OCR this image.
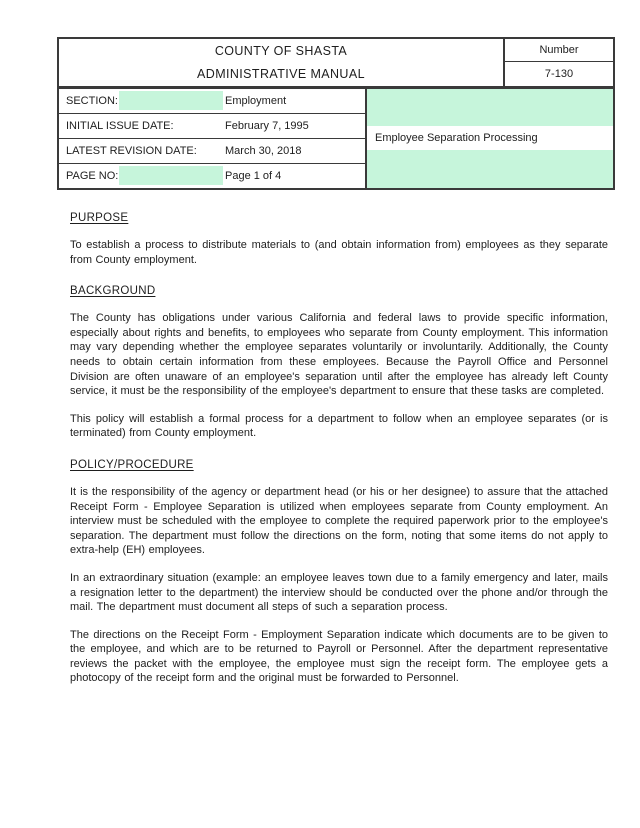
COUNTY OF SHASTA
ADMINISTRATIVE MANUAL
Number
7-130
SECTION:	Employment
INITIAL ISSUE DATE:	February 7, 1995
LATEST REVISION DATE:	March 30, 2018
PAGE NO:	Page 1 of 4
Employee Separation Processing
PURPOSE

To establish a process to distribute materials to (and obtain information from) employees as they separate from County employment.

BACKGROUND

The County has obligations under various California and federal laws to provide specific information, especially about rights and benefits, to employees who separate from County employment. This information may vary depending whether the employee separates voluntarily or involuntarily. Additionally, the County needs to obtain certain information from these employees. Because the Payroll Office and Personnel Division are often unaware of an employee's separation until after the employee has already left County service, it must be the responsibility of the employee's department to ensure that these tasks are completed.

This policy will establish a formal process for a department to follow when an employee separates (or is terminated) from County employment.

POLICY/PROCEDURE

It is the responsibility of the agency or department head (or his or her designee) to assure that the attached Receipt Form - Employee Separation is utilized when employees separate from County employment. An interview must be scheduled with the employee to complete the required paperwork prior to the employee's separation. The department must follow the directions on the form, noting that some items do not apply to extra-help (EH) employees.

In an extraordinary situation (example: an employee leaves town due to a family emergency and later, mails a resignation letter to the department) the interview should be conducted over the phone and/or through the mail. The department must document all steps of such a separation process.

The directions on the Receipt Form - Employment Separation indicate which documents are to be given to the employee, and which are to be returned to Payroll or Personnel. After the department representative reviews the packet with the employee, the employee must sign the receipt form. The employee gets a photocopy of the receipt form and the original must be forwarded to Personnel.
